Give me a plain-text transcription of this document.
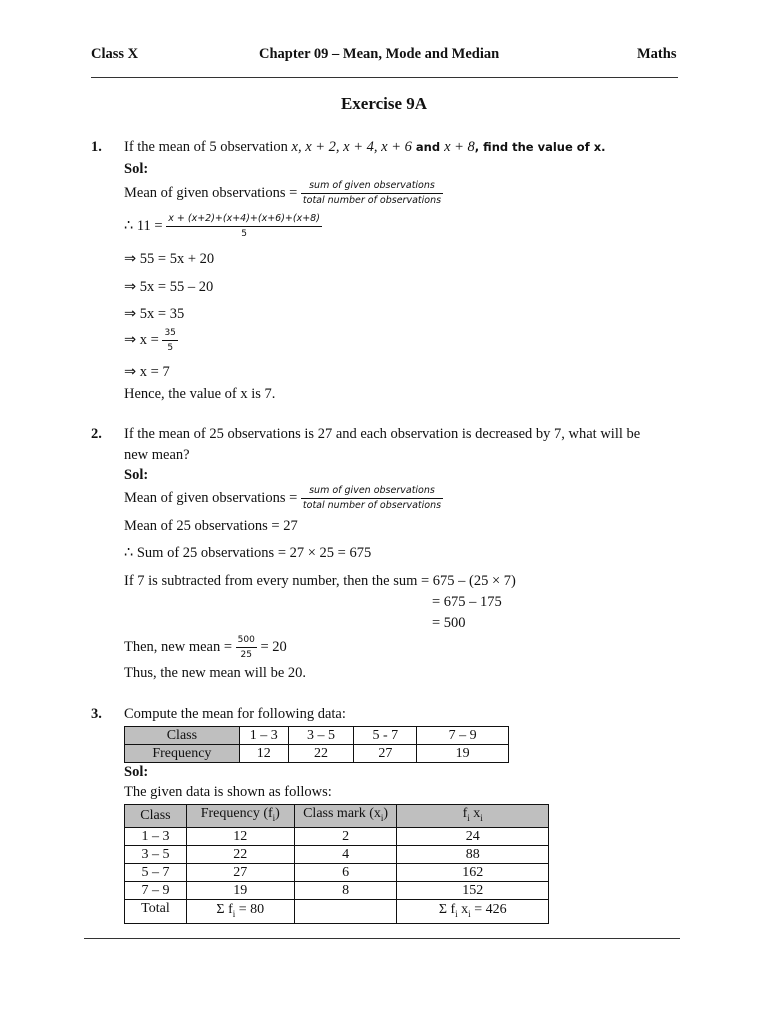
Class X	Chapter 09 – Mean, Mode and Median	Maths
Exercise 9A
1. If the mean of 5 observation x, x + 2, x + 4, x + 6 and x + 8, find the value of x.
Sol:
Mean of given observations = $\frac{\text{sum of given observations}}{\text{total number of observations}}$
∴ $11 = \frac{x + (x+2)+(x+4)+(x+6)+(x+8)}{5}$
⇒ 55 = 5x + 20
⇒ 5x = 55 – 20
⇒ 5x = 35
⇒ $x = \frac{35}{5}$
⇒ x = 7
Hence, the value of x is 7.
2. If the mean of 25 observations is 27 and each observation is decreased by 7, what will be
new mean?
Sol:
Mean of given observations = $\frac{\text{sum of given observations}}{\text{total number of observations}}$
Mean of 25 observations = 27
∴ Sum of 25 observations = 27 × 25 = 675
If 7 is subtracted from every number, then the sum = 675 – (25 × 7)
= 675 – 175
= 500
Then, new mean = $\frac{500}{25} = 20$
Thus, the new mean will be 20.
3. Compute the mean for following data:
Class	1 – 3	3 – 5	5 - 7	7 – 9
Frequency	12	22	27	19
Sol:
The given data is shown as follows:
Class	Frequency $(f_i)$	Class mark $(x_i)$	$f_i$ $x_i$
1 – 3	12	2	24
3 – 5	22	4	88
5 – 7	27	6	162
7 – 9	19	8	152
Total	Σ $f_i = 80$		Σ $f_i$ $x_i = 426$
